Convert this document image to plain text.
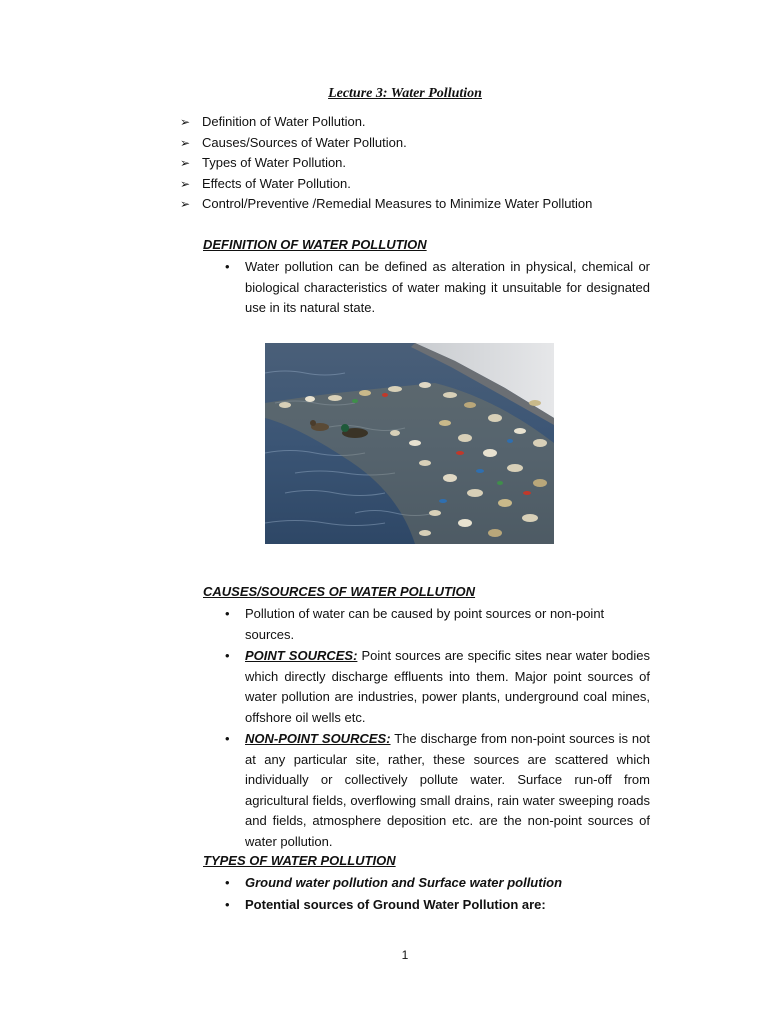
Lecture 3: Water Pollution
➢ Definition of Water Pollution.
➢ Causes/Sources of Water Pollution.
➢ Types of Water Pollution.
➢ Effects of Water Pollution.
➢ Control/Preventive /Remedial Measures to Minimize Water Pollution
DEFINITION OF WATER POLLUTION
• Water pollution can be defined as alteration in physical, chemical or biological characteristics of water making it unsuitable for designated use in its natural state.
CAUSES/SOURCES OF WATER POLLUTION
• Pollution of water can be caused by point sources or non-point sources.
• POINT SOURCES: Point sources are specific sites near water bodies which directly discharge effluents into them. Major point sources of water pollution are industries, power plants, underground coal mines, offshore oil wells etc.
• NON-POINT SOURCES: The discharge from non-point sources is not at any particular site, rather, these sources are scattered which individually or collectively pollute water. Surface run-off from agricultural fields, overflowing small drains, rain water sweeping roads and fields, atmosphere deposition etc. are the non-point sources of water pollution.
TYPES OF WATER POLLUTION
• Ground water pollution and Surface water pollution
• Potential sources of Ground Water Pollution are:
1
